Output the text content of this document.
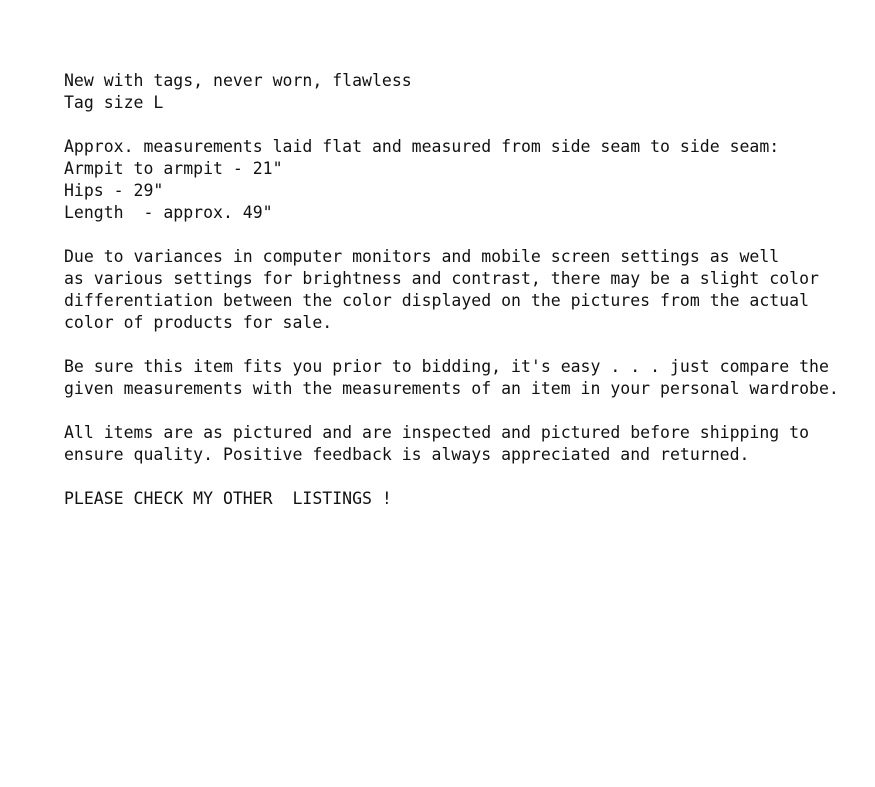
New with tags, never worn, flawless
Tag size L
Approx. measurements laid flat and measured from side seam to side seam:
Armpit to armpit - 21"
Hips - 29"
Length  - approx. 49"
Due to variances in computer monitors and mobile screen settings as well
as various settings for brightness and contrast, there may be a slight color
differentiation between the color displayed on the pictures from the actual
color of products for sale.
Be sure this item fits you prior to bidding, it's easy . . . just compare the
given measurements with the measurements of an item in your personal wardrobe.
All items are as pictured and are inspected and pictured before shipping to
ensure quality. Positive feedback is always appreciated and returned.
PLEASE CHECK MY OTHER  LISTINGS !
